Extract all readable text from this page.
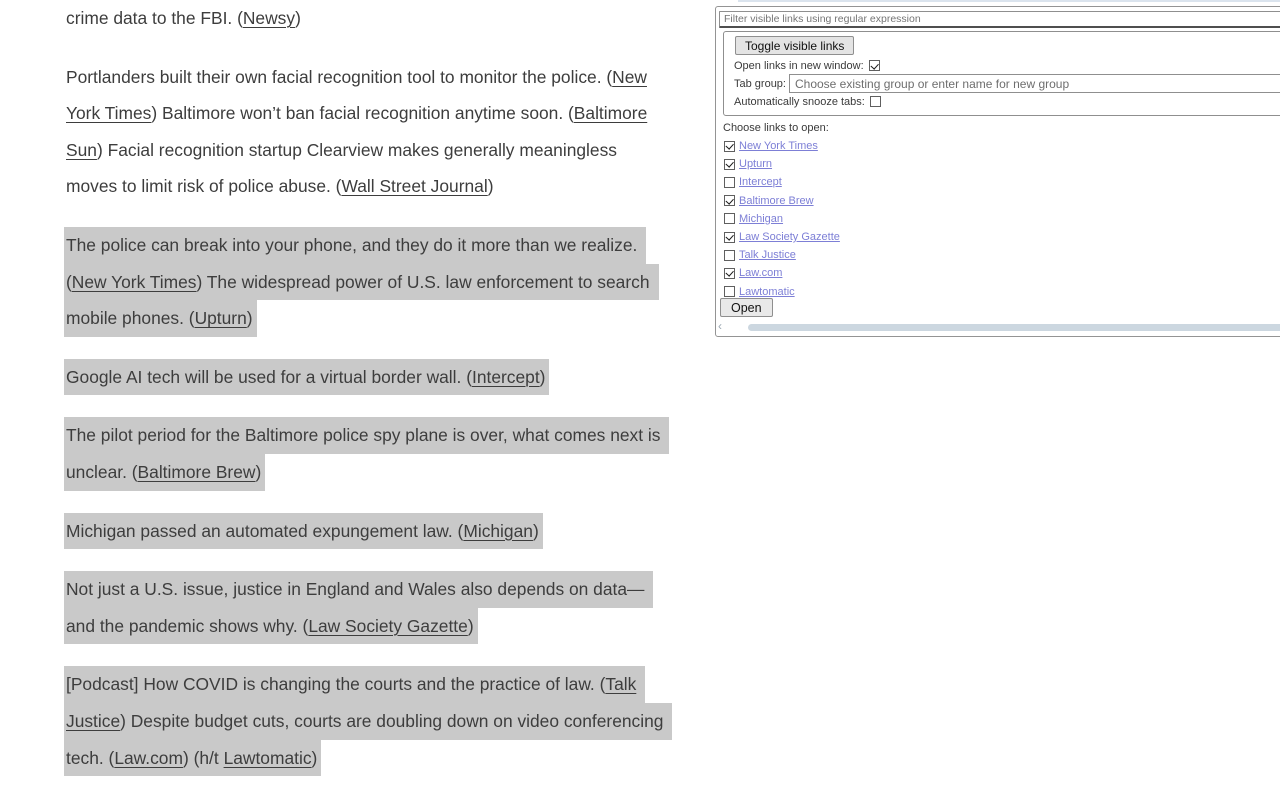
crime data to the FBI. (Newsy)
Portlanders built their own facial recognition tool to monitor the police. (New
York Times) Baltimore won’t ban facial recognition anytime soon. (Baltimore
Sun) Facial recognition startup Clearview makes generally meaningless
moves to limit risk of police abuse. (Wall Street Journal)
The police can break into your phone, and they do it more than we realize.
(New York Times) The widespread power of U.S. law enforcement to search
mobile phones. (Upturn)
Google AI tech will be used for a virtual border wall. (Intercept)
The pilot period for the Baltimore police spy plane is over, what comes next is
unclear. (Baltimore Brew)
Michigan passed an automated expungement law. (Michigan)
Not just a U.S. issue, justice in England and Wales also depends on data—
and the pandemic shows why. (Law Society Gazette)
[Podcast] How COVID is changing the courts and the practice of law. (Talk
Justice) Despite budget cuts, courts are doubling down on video conferencing
tech. (Law.com) (h/t Lawtomatic)
Filter visible links using regular expression
Toggle visible links
Open links in new window:
Tab group:
Choose existing group or enter name for new group
Automatically snooze tabs:
Choose links to open:
New York Times
Upturn
Intercept
Baltimore Brew
Michigan
Law Society Gazette
Talk Justice
Law.com
Lawtomatic
Open
‹
